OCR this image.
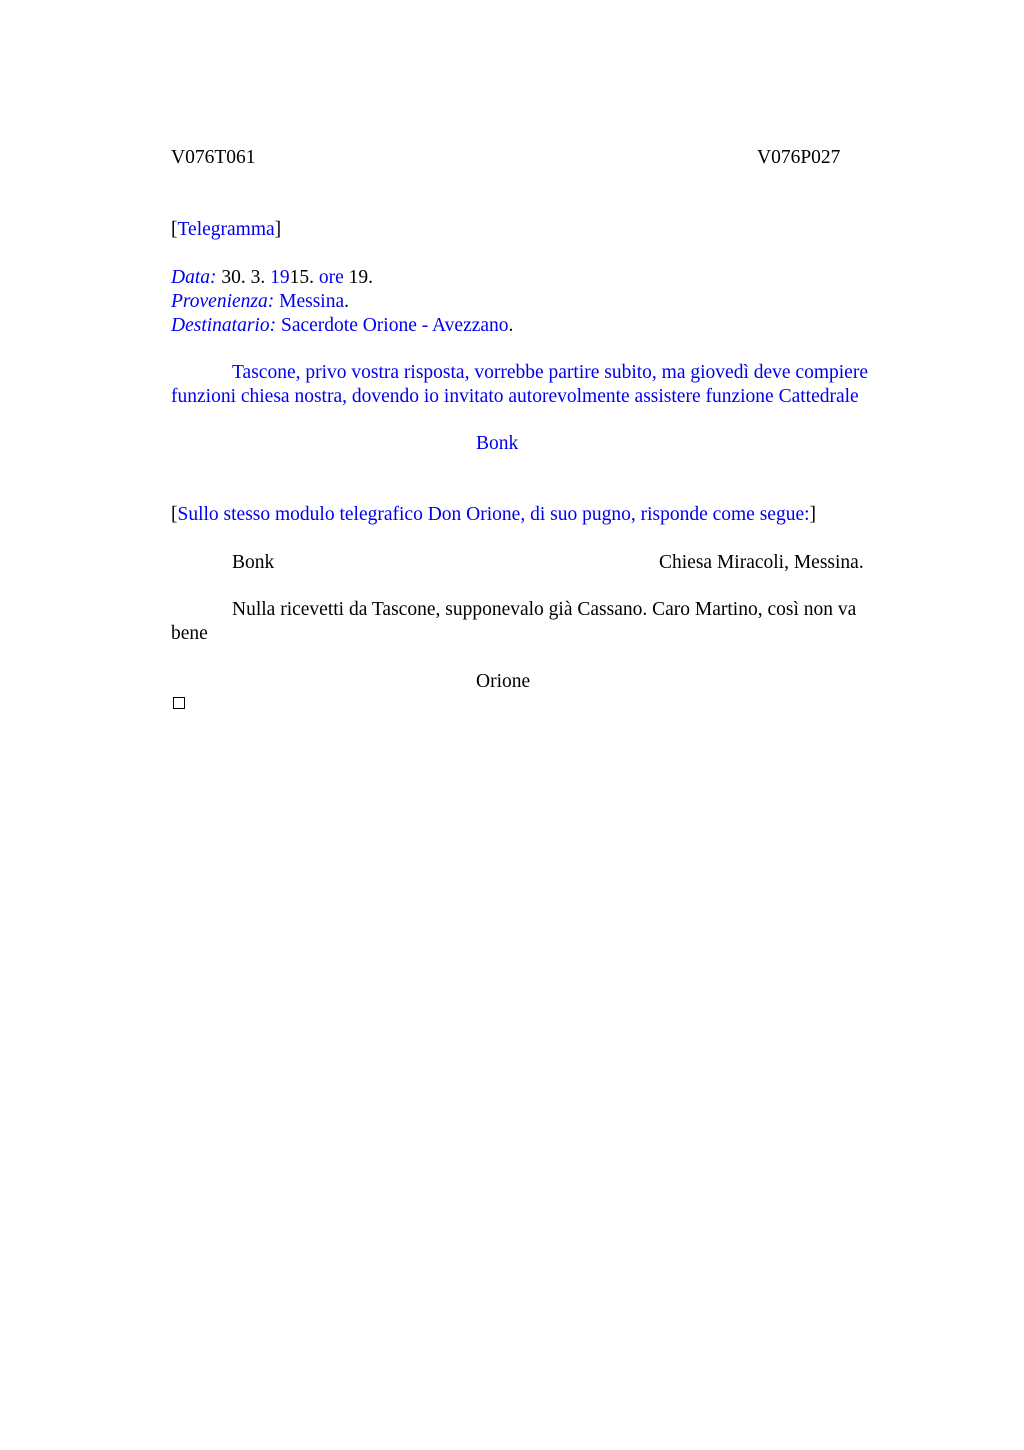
V076T061	V076P027
[Telegramma]
Data: 30. 3. 1915. ore 19.
Provenienza: Messina.
Destinatario: Sacerdote Orione - Avezzano.
Tascone, privo vostra risposta, vorrebbe partire subito, ma giovedì deve compiere
funzioni chiesa nostra, dovendo io invitato autorevolmente assistere funzione Cattedrale
Bonk
[Sullo stesso modulo telegrafico Don Orione, di suo pugno, risponde come segue:]
Bonk	Chiesa Miracoli, Messina.
Nulla ricevetti da Tascone, supponevalo già Cassano. Caro Martino, così non va
bene
Orione
